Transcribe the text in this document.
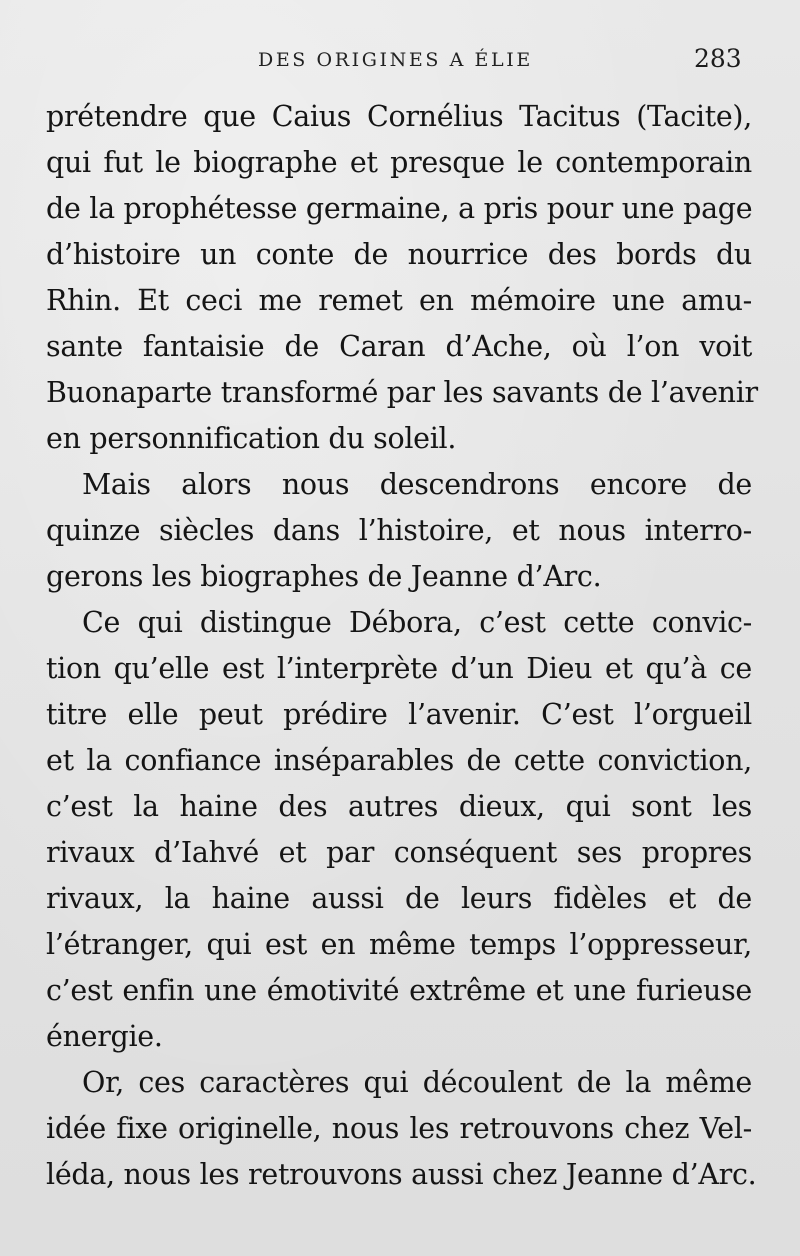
DES ORIGINES A ÉLIE	283
prétendre que Caius Cornélius Tacitus (Tacite),
qui fut le biographe et presque le contemporain
de la prophétesse germaine, a pris pour une page
d’histoire un conte de nourrice des bords du
Rhin. Et ceci me remet en mémoire une amu-
sante fantaisie de Caran d’Ache, où l’on voit
Buonaparte transformé par les savants de l’avenir
en personnification du soleil.
Mais alors nous descendrons encore de
quinze siècles dans l’histoire, et nous interro-
gerons les biographes de Jeanne d’Arc.
Ce qui distingue Débora, c’est cette convic-
tion qu’elle est l’interprète d’un Dieu et qu’à ce
titre elle peut prédire l’avenir. C’est l’orgueil
et la confiance inséparables de cette conviction,
c’est la haine des autres dieux, qui sont les
rivaux d’Iahvé et par conséquent ses propres
rivaux, la haine aussi de leurs fidèles et de
l’étranger, qui est en même temps l’oppresseur,
c’est enfin une émotivité extrême et une furieuse
énergie.
Or, ces caractères qui découlent de la même
idée fixe originelle, nous les retrouvons chez Vel-
léda, nous les retrouvons aussi chez Jeanne d’Arc.
